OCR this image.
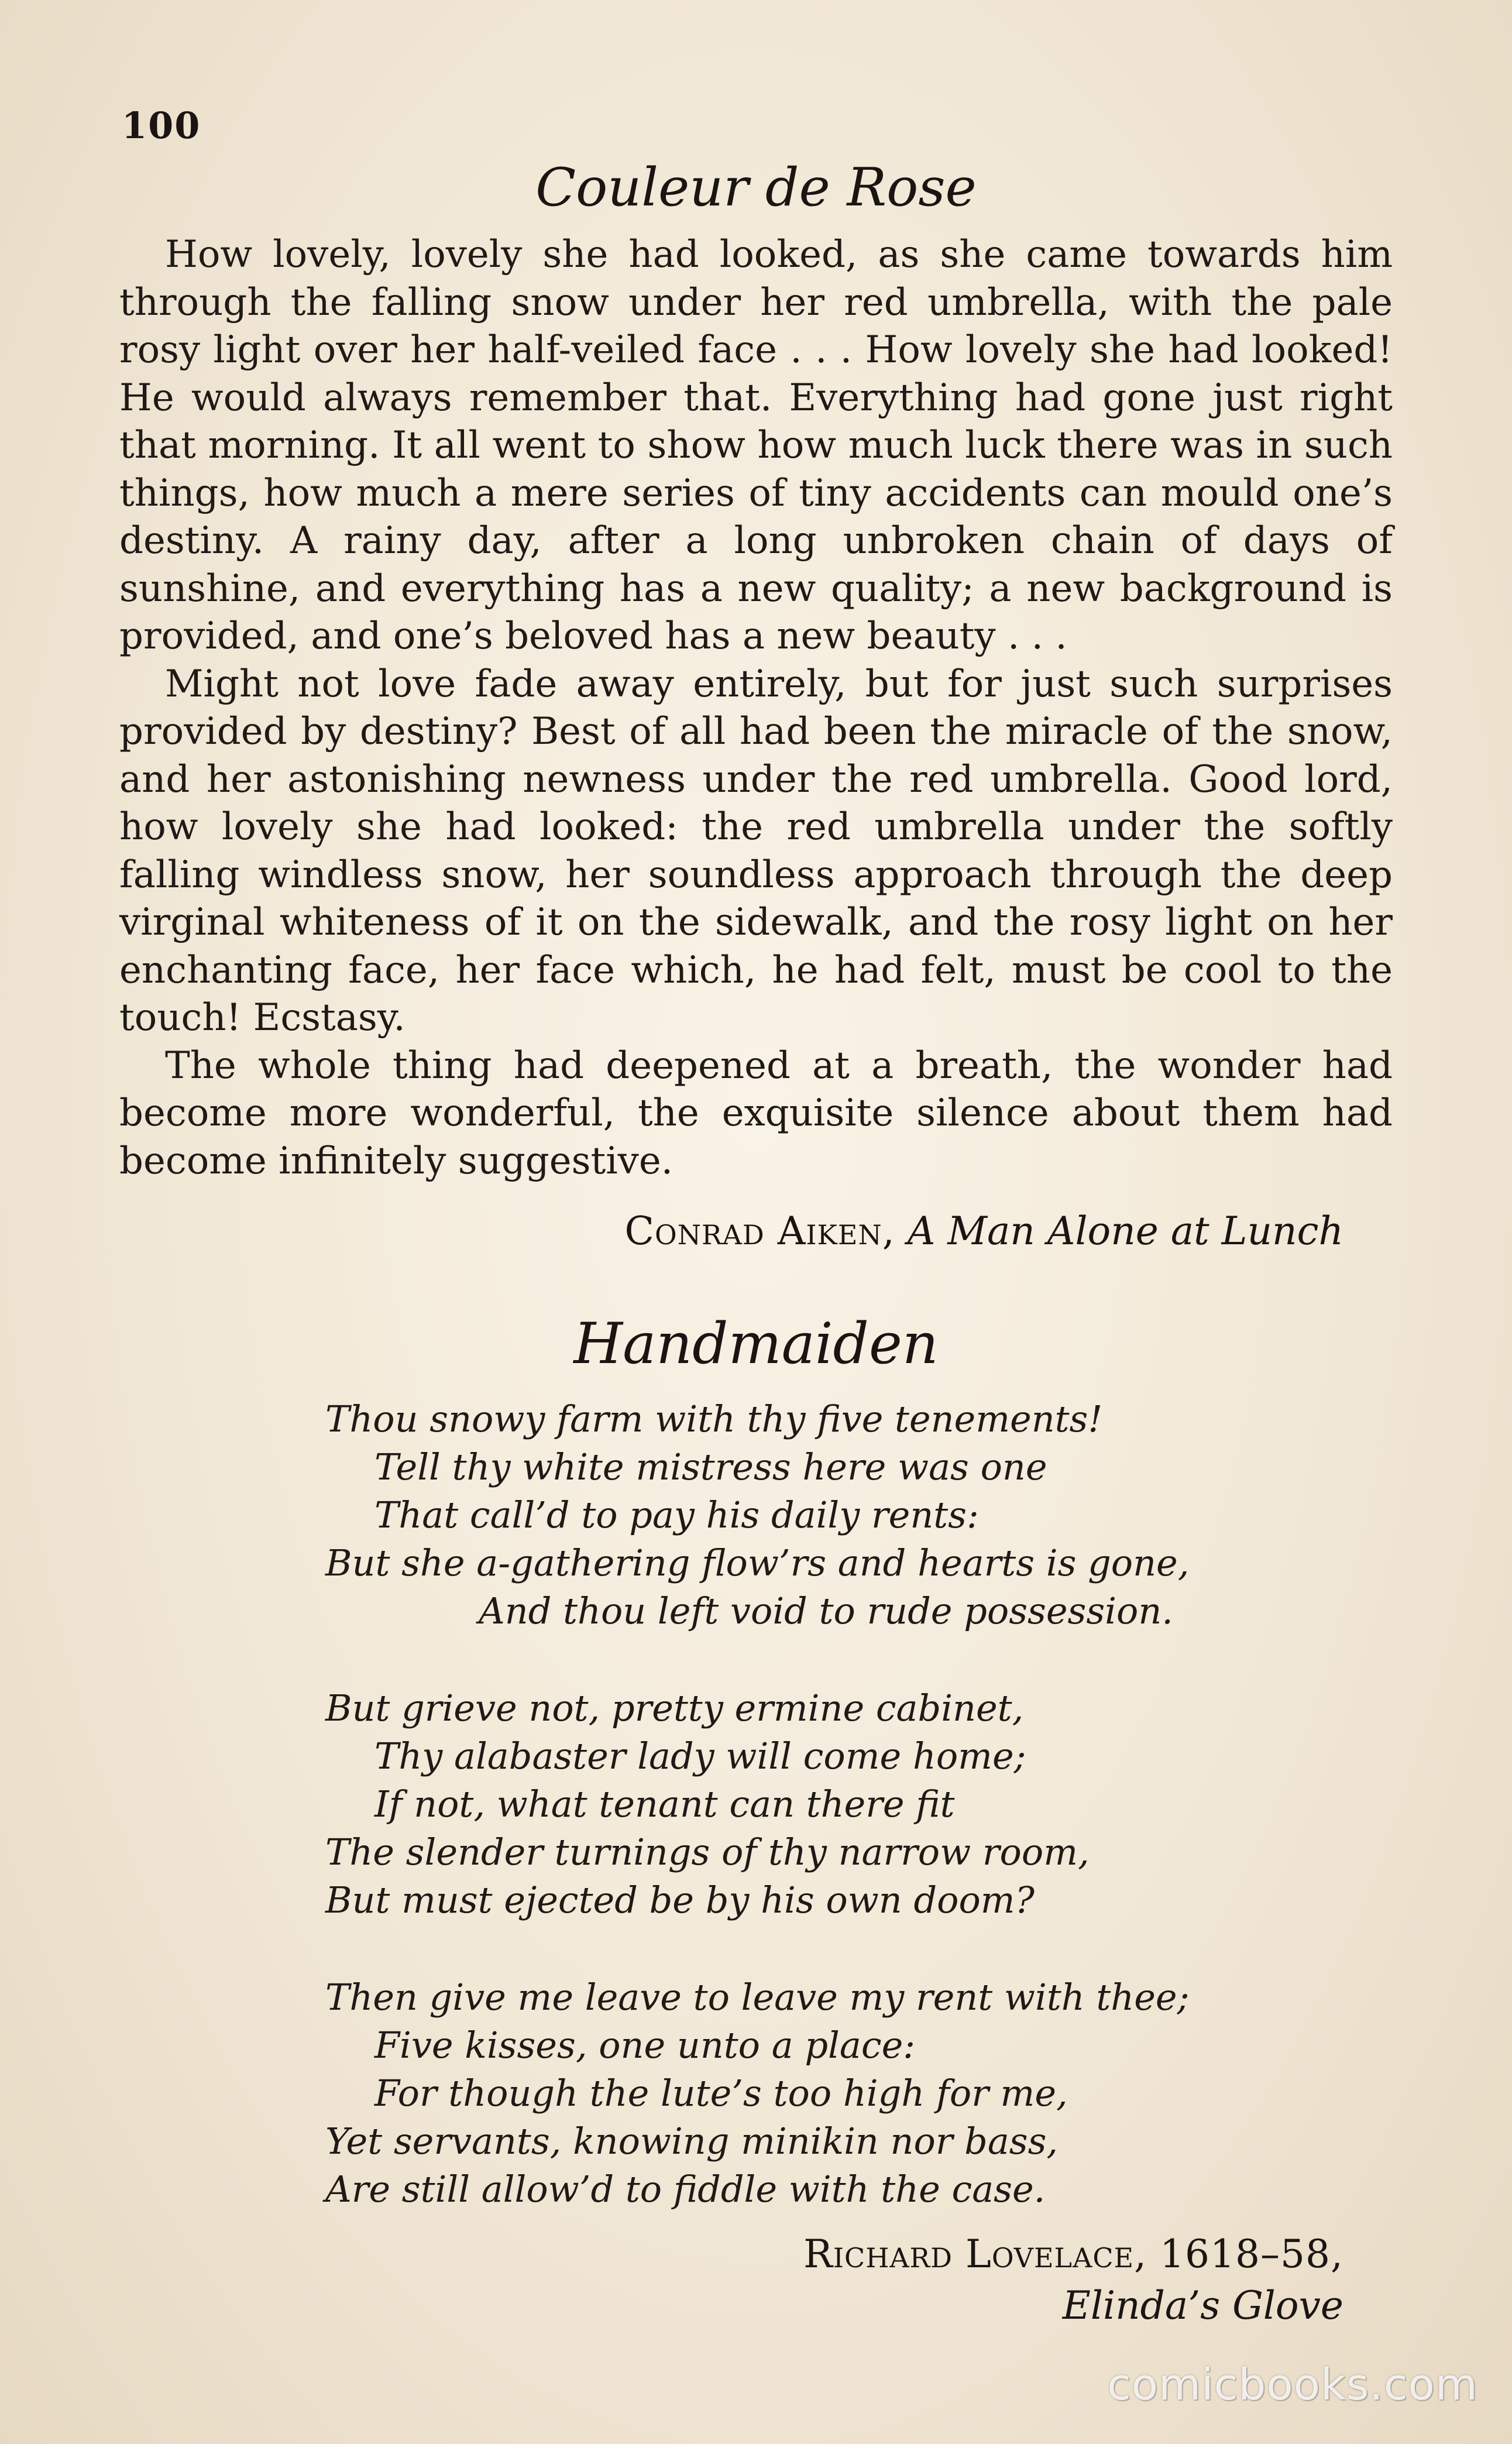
100
Couleur de Rose

How lovely, lovely she had looked, as she came towards him through the falling snow under her red umbrella, with the pale rosy light over her half-veiled face . . . How lovely she had looked! He would always remember that. Everything had gone just right that morning. It all went to show how much luck there was in such things, how much a mere series of tiny accidents can mould one’s destiny. A rainy day, after a long unbroken chain of days of sunshine, and everything has a new quality; a new background is provided, and one’s beloved has a new beauty . . .

Might not love fade away entirely, but for just such surprises provided by destiny? Best of all had been the miracle of the snow, and her astonishing newness under the red umbrella. Good lord, how lovely she had looked: the red umbrella under the softly falling windless snow, her soundless approach through the deep virginal whiteness of it on the sidewalk, and the rosy light on her enchanting face, her face which, he had felt, must be cool to the touch! Ecstasy.

The whole thing had deepened at a breath, the wonder had become more wonderful, the exquisite silence about them had become infinitely suggestive.

Conrad Aiken, A Man Alone at Lunch
Handmaiden
Thou snowy farm with thy five tenements!
Tell thy white mistress here was one
That call’d to pay his daily rents:
But she a-gathering flow’rs and hearts is gone,
And thou left void to rude possession.
But grieve not, pretty ermine cabinet,
Thy alabaster lady will come home;
If not, what tenant can there fit
The slender turnings of thy narrow room,
But must ejected be by his own doom?
Then give me leave to leave my rent with thee;
Five kisses, one unto a place:
For though the lute’s too high for me,
Yet servants, knowing minikin nor bass,
Are still allow’d to fiddle with the case.
Richard Lovelace, 1618–58,
Elinda’s Glove
comicbooks.com
